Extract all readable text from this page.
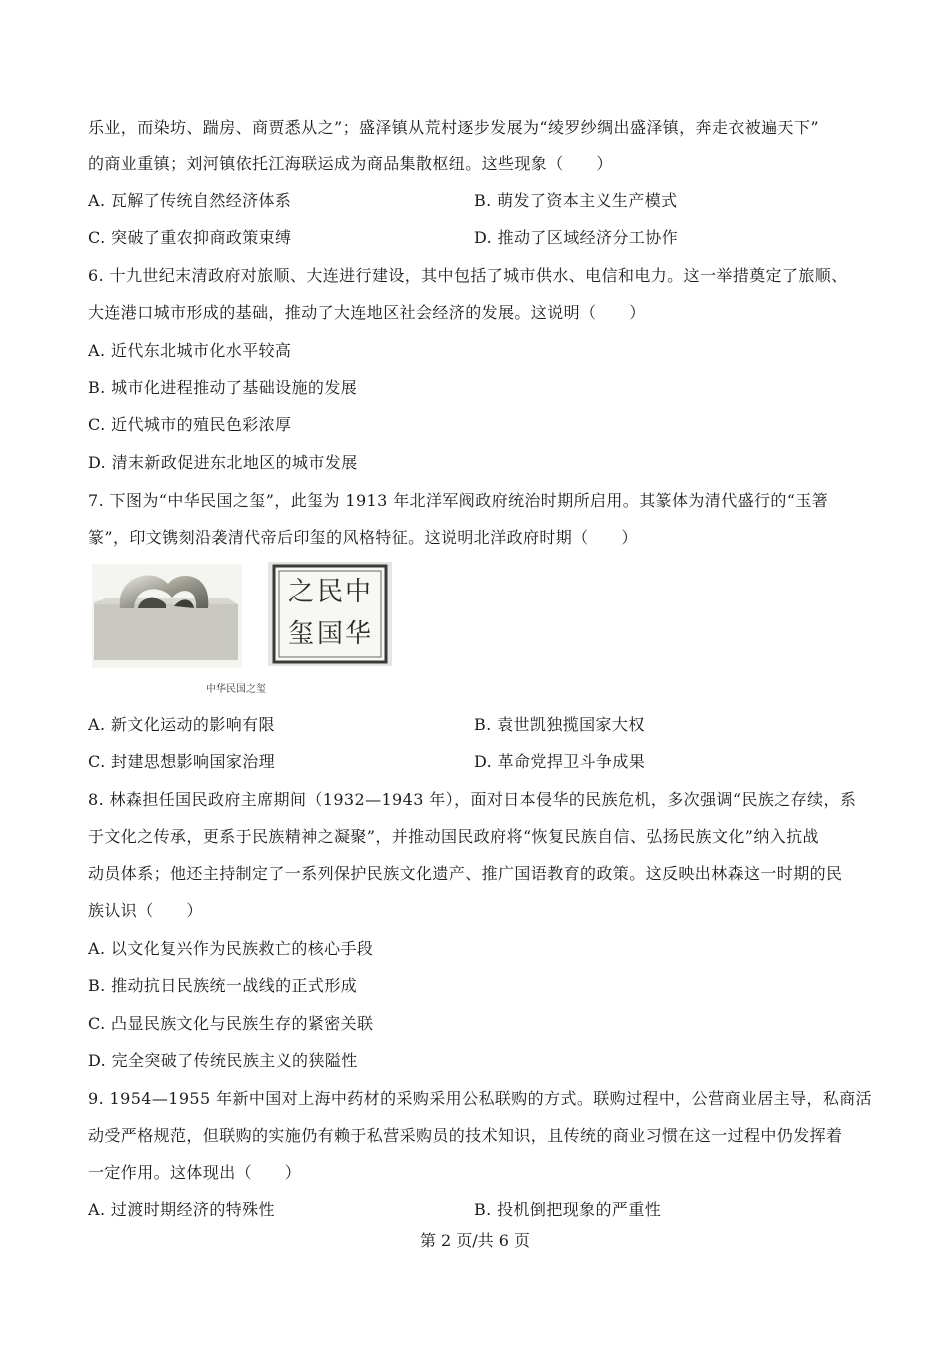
乐业，而染坊、踹房、商贾悉从之”；盛泽镇从荒村逐步发展为“绫罗纱绸出盛泽镇，奔走衣被遍天下”
的商业重镇；刘河镇依托江海联运成为商品集散枢纽。这些现象（　　）
A. 瓦解了传统自然经济体系	B. 萌发了资本主义生产模式
C. 突破了重农抑商政策束缚	D. 推动了区域经济分工协作
6. 十九世纪末清政府对旅顺、大连进行建设，其中包括了城市供水、电信和电力。这一举措奠定了旅顺、
大连港口城市形成的基础，推动了大连地区社会经济的发展。这说明（　　）
A. 近代东北城市化水平较高
B. 城市化进程推动了基础设施的发展
C. 近代城市的殖民色彩浓厚
D. 清末新政促进东北地区的城市发展
7. 下图为“中华民国之玺”，此玺为 1913 年北洋军阀政府统治时期所启用。其篆体为清代盛行的“玉箸
篆”，印文镌刻沿袭清代帝后印玺的风格特征。这说明北洋政府时期（　　）
中
华
民
国
之
玺
中华民国之玺
A. 新文化运动的影响有限	B. 袁世凯独揽国家大权
C. 封建思想影响国家治理	D. 革命党捍卫斗争成果
8. 林森担任国民政府主席期间（1932—1943 年），面对日本侵华的民族危机，多次强调“民族之存续，系
于文化之传承，更系于民族精神之凝聚”，并推动国民政府将“恢复民族自信、弘扬民族文化”纳入抗战
动员体系；他还主持制定了一系列保护民族文化遗产、推广国语教育的政策。这反映出林森这一时期的民
族认识（　　）
A. 以文化复兴作为民族救亡的核心手段
B. 推动抗日民族统一战线的正式形成
C. 凸显民族文化与民族生存的紧密关联
D. 完全突破了传统民族主义的狭隘性
9. 1954—1955 年新中国对上海中药材的采购采用公私联购的方式。联购过程中，公营商业居主导，私商活
动受严格规范，但联购的实施仍有赖于私营采购员的技术知识，且传统的商业习惯在这一过程中仍发挥着
一定作用。这体现出（　　）
A. 过渡时期经济的特殊性	B. 投机倒把现象的严重性
第 2 页/共 6 页
